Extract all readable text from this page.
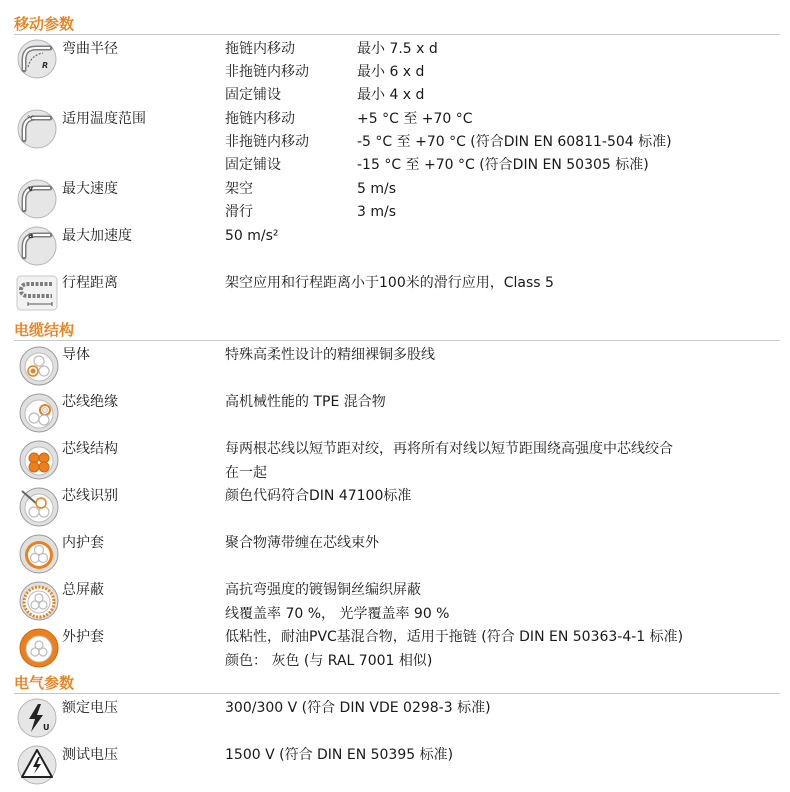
移动参数
R
弯曲半径	拖链内移动	最小 7.5 x d
非拖链内移动	最小 6 x d
固定铺设	最小 4 x d
°C 适用温度范围	拖链内移动	+5 °C 至 +70 °C
非拖链内移动	-5 °C 至 +70 °C (符合DIN EN 60811-504 标准)
固定铺设	-15 °C 至 +70 °C (符合DIN EN 50305 标准)
v 最大速度	架空	5 m/s
滑行	3 m/s
a 最大加速度	50 m/s²
行程距离	架空应用和行程距离小于100米的滑行应用，Class 5
电缆结构
导体	特殊高柔性设计的精细裸铜多股线
芯线绝缘	高机械性能的 TPE 混合物
芯线结构	每两根芯线以短节距对绞，再将所有对线以短节距围绕高强度中芯线绞合
在一起
芯线识别	颜色代码符合DIN 47100标准
内护套	聚合物薄带缠在芯线束外
总屏蔽	高抗弯强度的镀锡铜丝编织屏蔽
线覆盖率 70 %， 光学覆盖率 90 %
外护套	低粘性，耐油PVC基混合物，适用于拖链 (符合 DIN EN 50363-4-1 标准)
颜色： 灰色 (与 RAL 7001 相似)
电气参数
U
额定电压	300/300 V (符合 DIN VDE 0298-3 标准)
测试电压	1500 V (符合 DIN EN 50395 标准)
